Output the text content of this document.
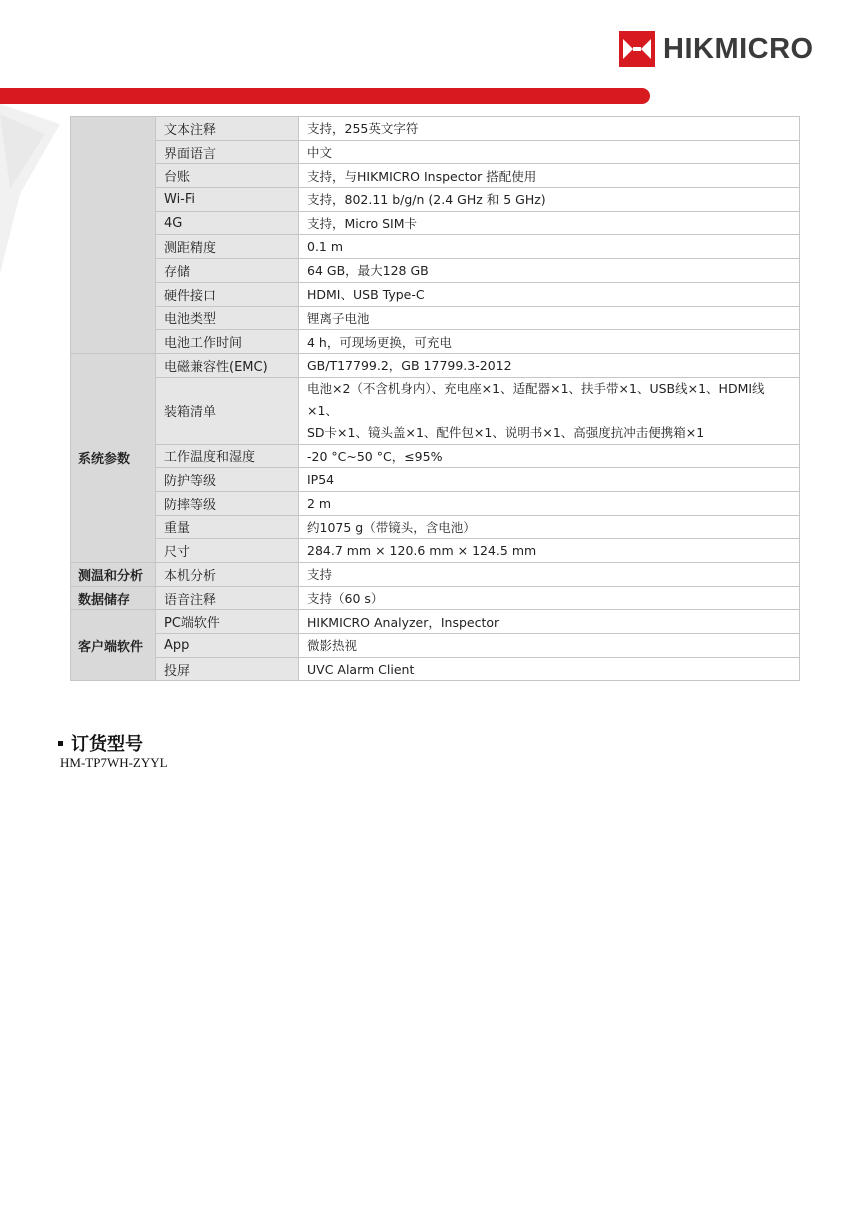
HIKMICRO
	文本注释	支持，255英文字符
	界面语言	中文
	台账	支持，与HIKMICRO Inspector 搭配使用
	Wi-Fi	支持，802.11 b/g/n (2.4 GHz 和 5 GHz)
	4G	支持，Micro SIM卡
	测距精度	0.1 m
	存储	64 GB，最大128 GB
	硬件接口	HDMI、USB Type-C
	电池类型	锂离子电池
	电池工作时间	4 h，可现场更换，可充电
系统参数	电磁兼容性(EMC)	GB/T17799.2，GB 17799.3-2012
	装箱清单	电池×2（不含机身内）、充电座×1、适配器×1、扶手带×1、USB线×1、HDMI线×1、
SD卡×1、镜头盖×1、配件包×1、说明书×1、高强度抗冲击便携箱×1

	工作温度和湿度	-20 °C~50 °C，≤95%
	防护等级	IP54
	防摔等级	2 m
	重量	约1075 g（带镜头，含电池）
	尺寸	284.7 mm × 120.6 mm × 124.5 mm
测温和分析	本机分析	支持
数据储存	语音注释	支持（60 s）
客户端软件	PC端软件	HIKMICRO Analyzer，Inspector
	App	微影热视
	投屏	UVC Alarm Client
订货型号
HM-TP7WH-ZYYL
